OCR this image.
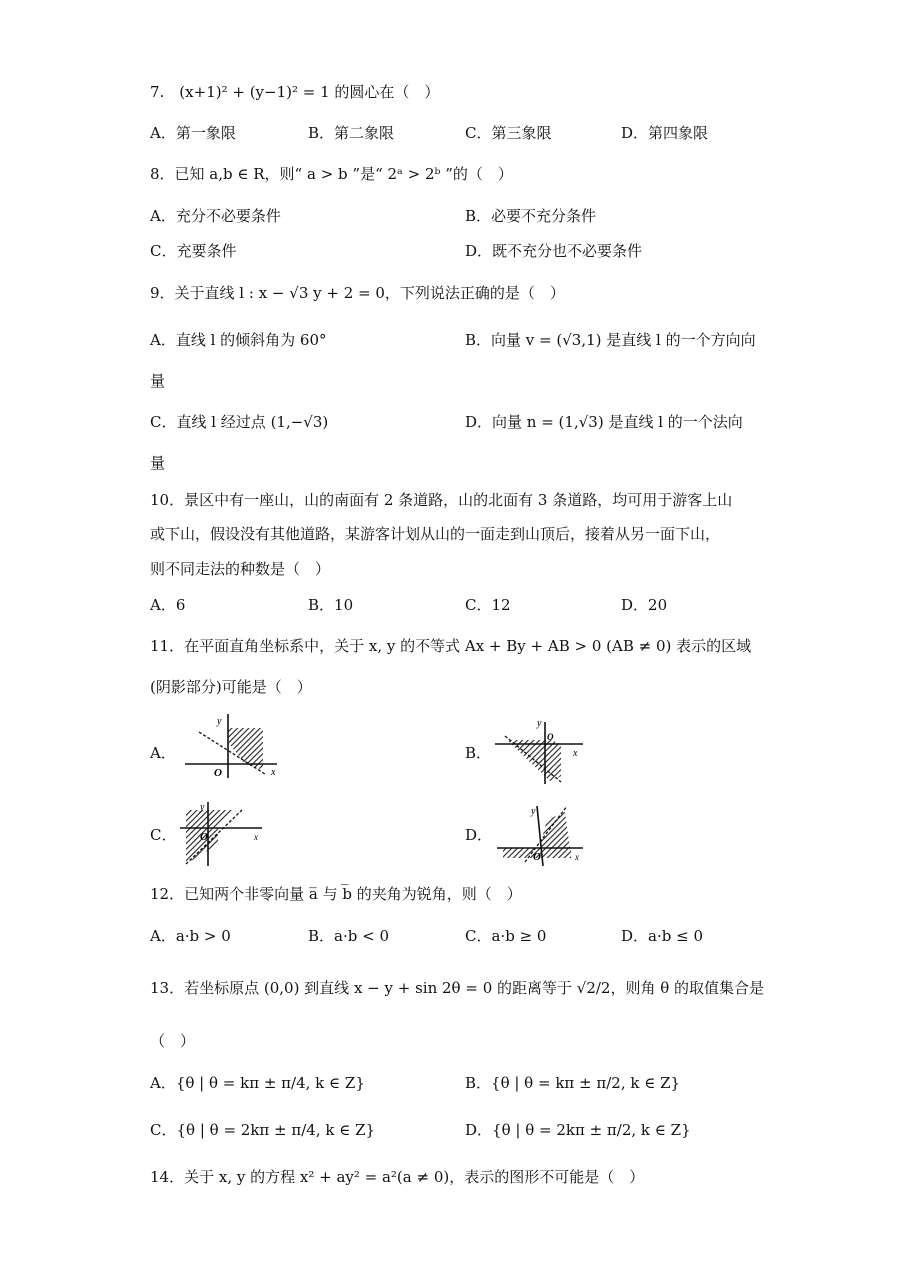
7.　(x+1)² + (y−1)² = 1 的圆心在（　）
A．第一象限	B．第二象限	C．第三象限	D．第四象限
8．已知 a,b ∈ R，则“ a > b ”是“ 2ᵃ > 2ᵇ ”的（　）
A．充分不必要条件	B．必要不充分条件
C．充要条件	D．既不充分也不必要条件
9．关于直线 l : x − √3 y + 2 = 0，下列说法正确的是（　）
A．直线 l 的倾斜角为 60°	B．向量 v = (√3,1) 是直线 l 的一个方向向
量
C．直线 l 经过点 (1,−√3)	D．向量 n = (1,√3) 是直线 l 的一个法向
量
10．景区中有一座山，山的南面有 2 条道路，山的北面有 3 条道路，均可用于游客上山
或下山，假设没有其他道路，某游客计划从山的一面走到山顶后，接着从另一面下山，
则不同走法的种数是（　）
A．6	B．10	C．12	D．20
11．在平面直角坐标系中，关于 x, y 的不等式 Ax + By + AB > 0 (AB ≠ 0) 表示的区域
(阴影部分)可能是（　）
A．
x
y
O
B．	x
y
O
C．	x
y
O	D．
x
y
O
12．已知两个非零向量 a̅ 与 b̅ 的夹角为锐角，则（　）
A．a·b > 0	B．a·b < 0	C．a·b ≥ 0	D．a·b ≤ 0
13．若坐标原点 (0,0) 到直线 x − y + sin 2θ = 0 的距离等于 √2/2，则角 θ 的取值集合是
（　）
A．{θ | θ = kπ ± π/4, k ∈ Z}	B．{θ | θ = kπ ± π/2, k ∈ Z}
C．{θ | θ = 2kπ ± π/4, k ∈ Z}	D．{θ | θ = 2kπ ± π/2, k ∈ Z}
14．关于 x, y 的方程 x² + ay² = a²(a ≠ 0)，表示的图形不可能是（　）
